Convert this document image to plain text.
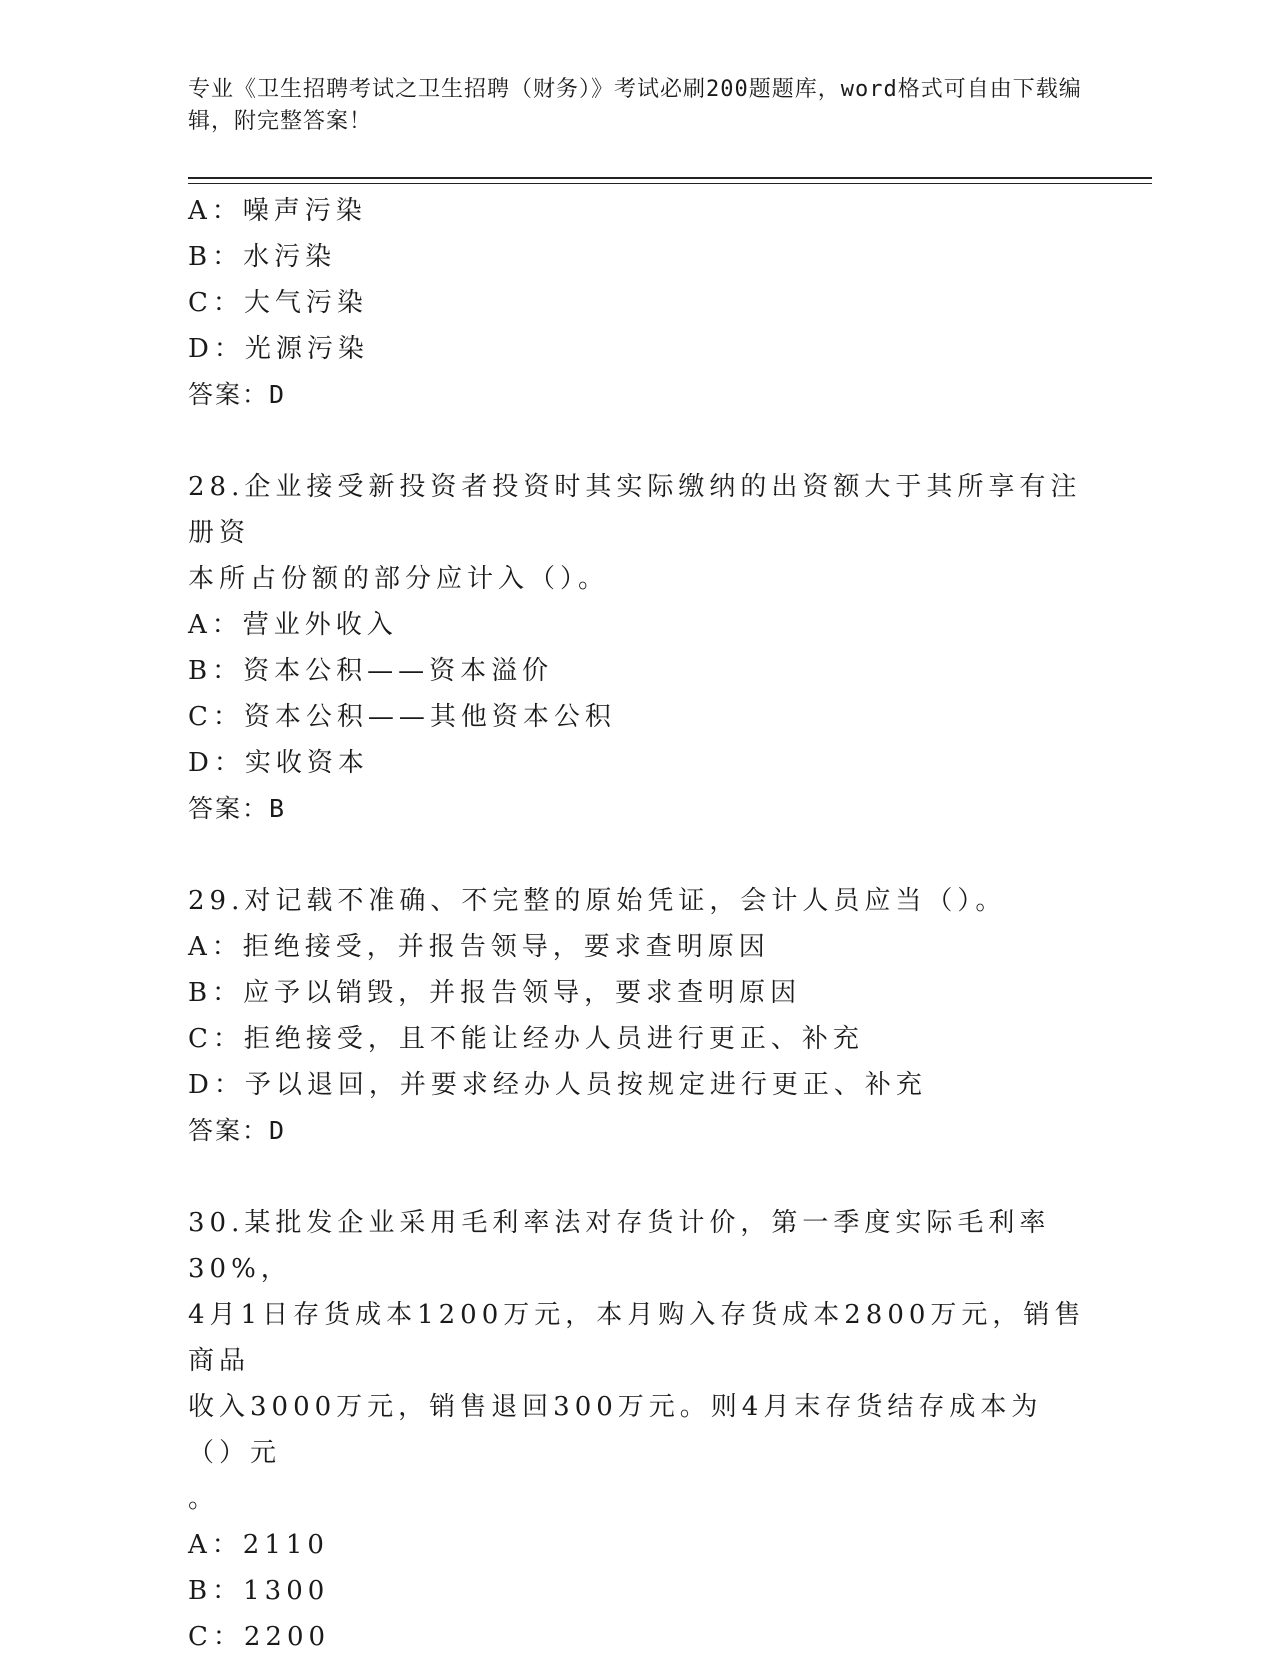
专业《卫生招聘考试之卫生招聘（财务）》考试必刷200题题库，word格式可自由下载编辑，附完整答案！
A：噪声污染
B：水污染
C：大气污染
D：光源污染
答案：D
28.企业接受新投资者投资时其实际缴纳的出资额大于其所享有注册资
本所占份额的部分应计入（）。
A：营业外收入
B：资本公积——资本溢价
C：资本公积——其他资本公积
D：实收资本
答案：B
29.对记载不准确、不完整的原始凭证，会计人员应当（）。
A：拒绝接受，并报告领导，要求查明原因
B：应予以销毁，并报告领导，要求查明原因
C：拒绝接受，且不能让经办人员进行更正、补充
D：予以退回，并要求经办人员按规定进行更正、补充
答案：D
30.某批发企业采用毛利率法对存货计价，第一季度实际毛利率30%，
4月1日存货成本1200万元，本月购入存货成本2800万元，销售商品
收入3000万元，销售退回300万元。则4月末存货结存成本为（）元
。
A：2110
B：1300
C：2200
